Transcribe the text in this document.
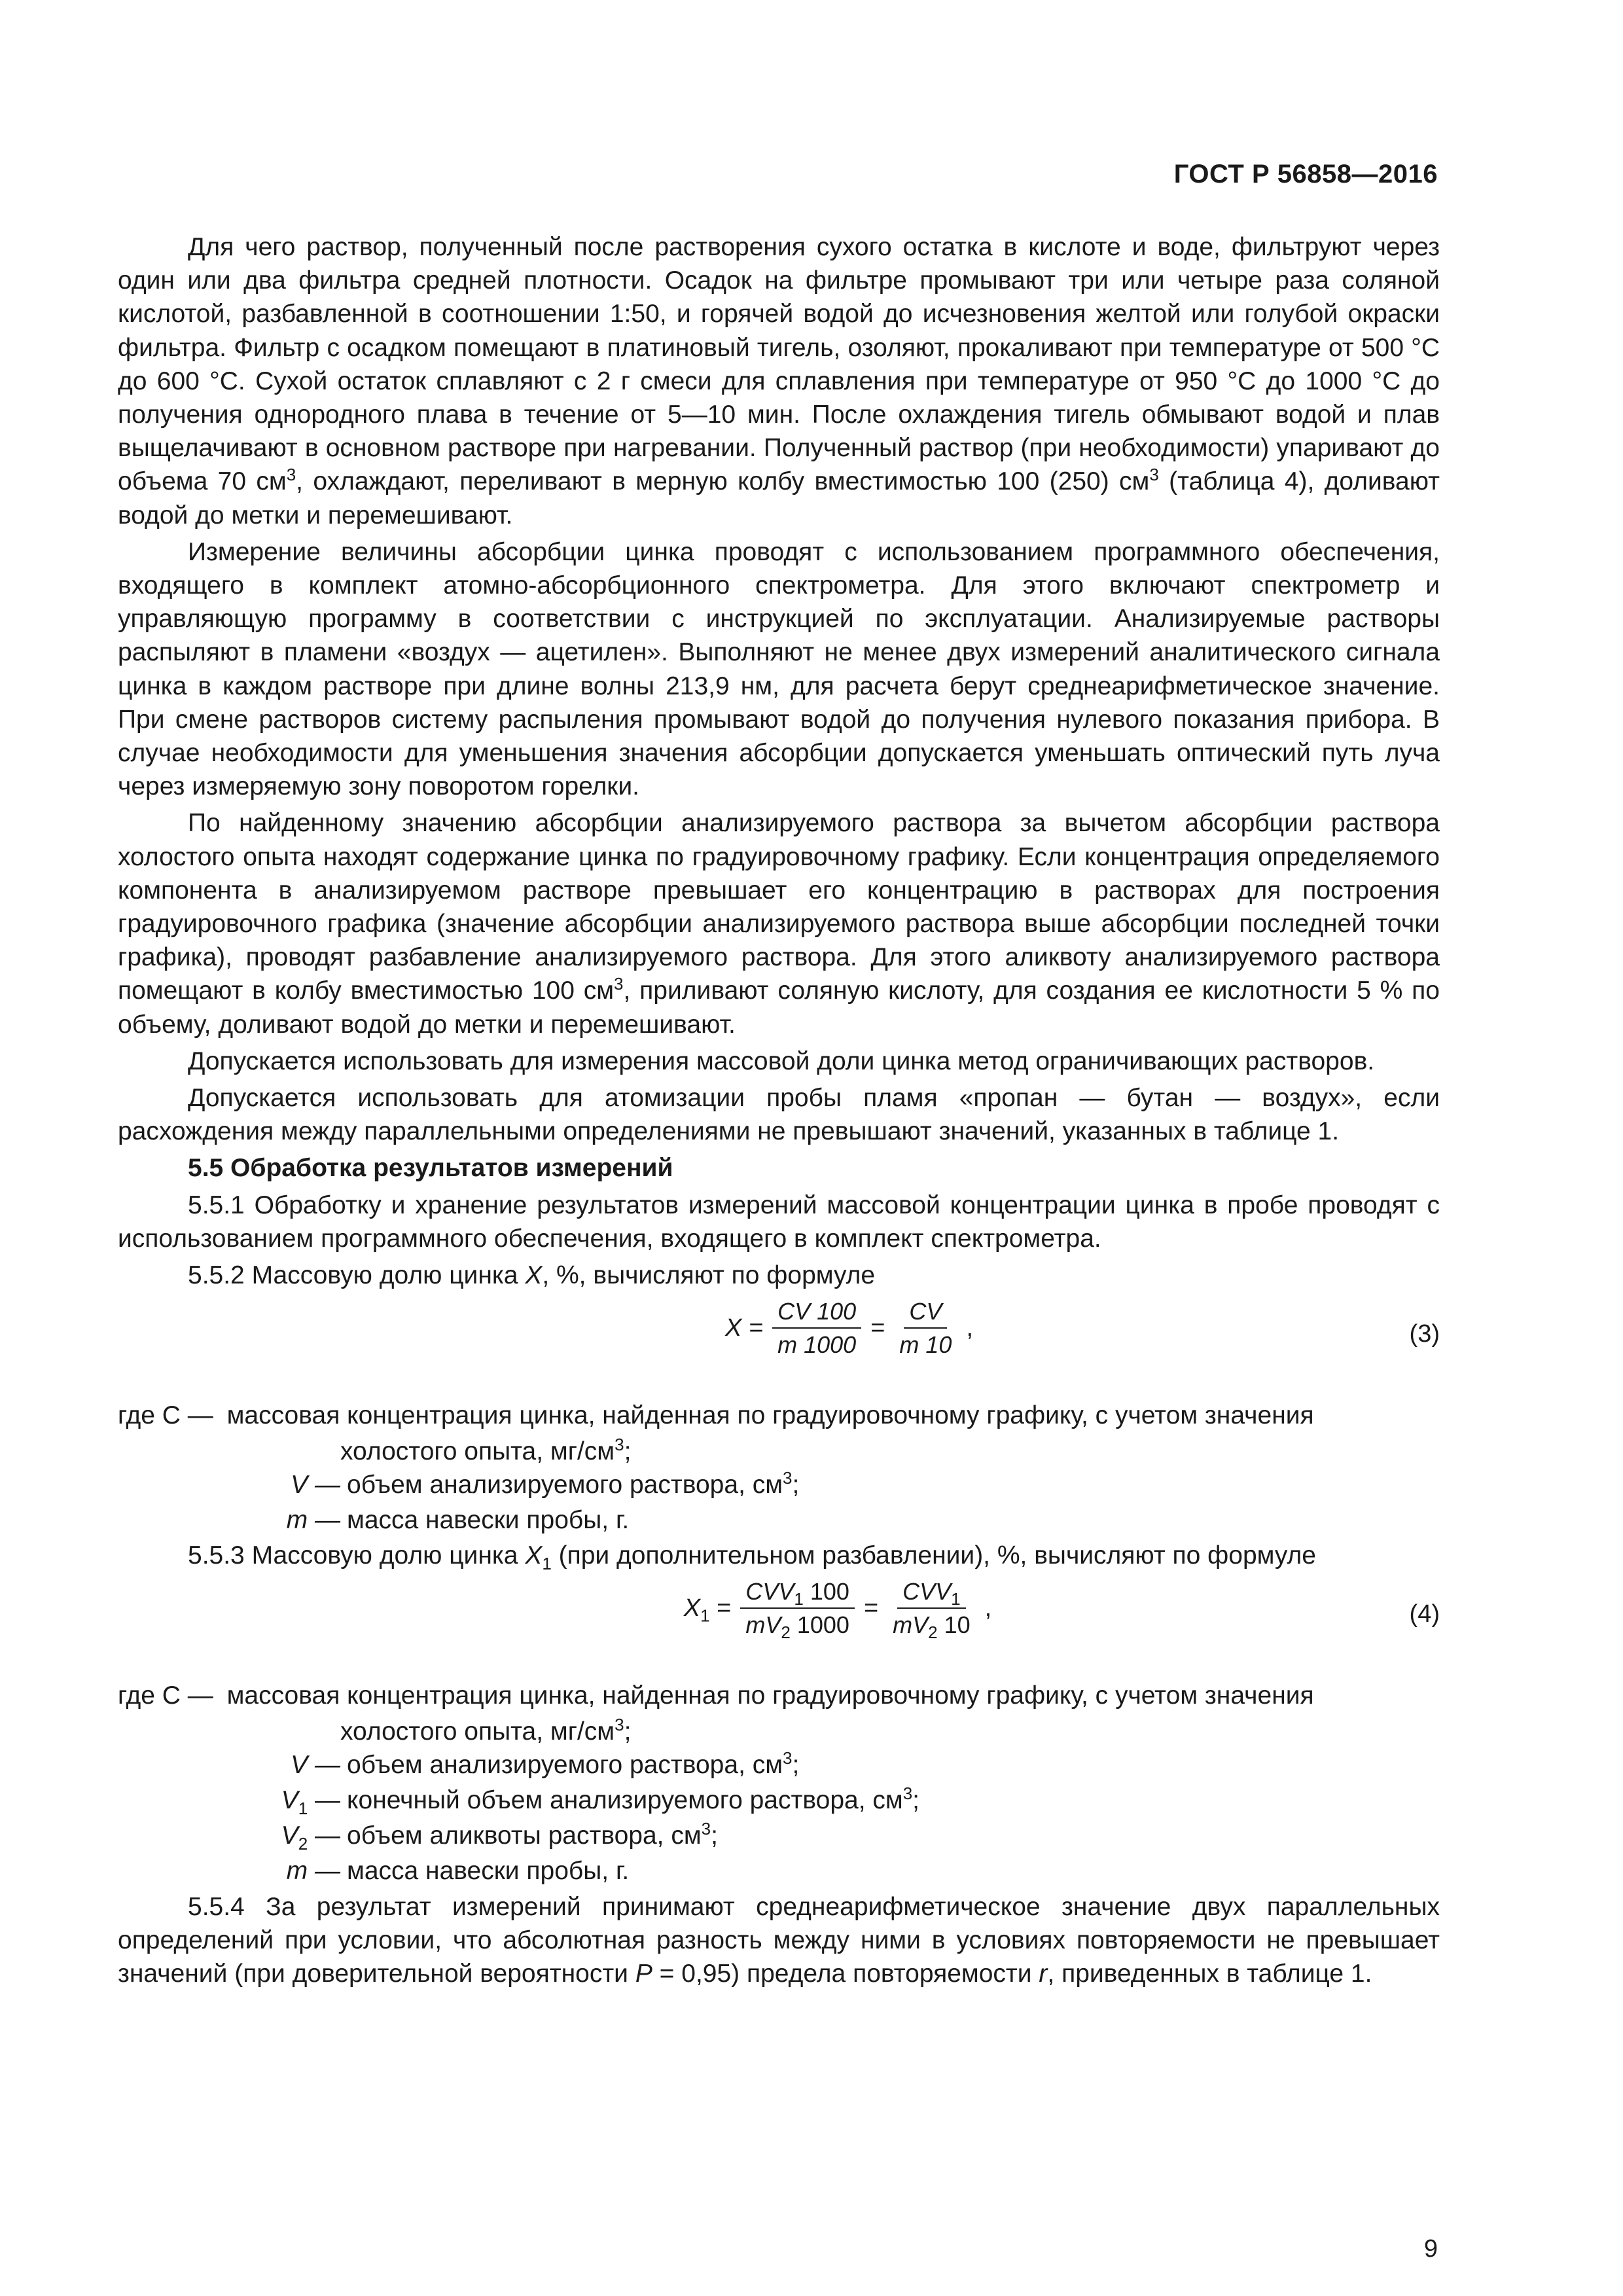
ГОСТ Р 56858—2016

Для чего раствор, полученный после растворения сухого остатка в кислоте и воде, фильтруют через один или два фильтра средней плотности. Осадок на фильтре промывают три или четыре раза соляной кислотой, разбавленной в соотношении 1:50, и горячей водой до исчезновения желтой или голубой окраски фильтра. Фильтр с осадком помещают в платиновый тигель, озоляют, прокаливают при температуре от 500 °С до 600 °С. Сухой остаток сплавляют с 2 г смеси для сплавления при температуре от 950 °С до 1000 °С до получения однородного плава в течение от 5—10 мин. После охлаждения тигель обмывают водой и плав выщелачивают в основном растворе при нагревании. Полученный раствор (при необходимости) упаривают до объема 70 $см^3$, охлаждают, переливают в мерную колбу вместимостью 100 (250) $см^3$ (таблица 4), доливают водой до метки и перемешивают.

Измерение величины абсорбции цинка проводят с использованием программного обеспечения, входящего в комплект атомно-абсорбционного спектрометра. Для этого включают спектрометр и управляющую программу в соответствии с инструкцией по эксплуатации. Анализируемые растворы распыляют в пламени «воздух — ацетилен». Выполняют не менее двух измерений аналитического сигнала цинка в каждом растворе при длине волны 213,9 нм, для расчета берут среднеарифметическое значение. При смене растворов систему распыления промывают водой до получения нулевого показания прибора. В случае необходимости для уменьшения значения абсорбции допускается уменьшать оптический путь луча через измеряемую зону поворотом горелки.

По найденному значению абсорбции анализируемого раствора за вычетом абсорбции раствора холостого опыта находят содержание цинка по градуировочному графику. Если концентрация определяемого компонента в анализируемом растворе превышает его концентрацию в растворах для построения градуировочного графика (значение абсорбции анализируемого раствора выше абсорбции последней точки графика), проводят разбавление анализируемого раствора. Для этого аликвоту анализируемого раствора помещают в колбу вместимостью 100 $см^3$, приливают соляную кислоту, для создания ее кислотности 5 % по объему, доливают водой до метки и перемешивают.

Допускается использовать для измерения массовой доли цинка метод ограничивающих растворов.

Допускается использовать для атомизации пробы пламя «пропан — бутан — воздух», если расхождения между параллельными определениями не превышают значений, указанных в таблице 1.

5.5 Обработка результатов измерений

5.5.1 Обработку и хранение результатов измерений массовой концентрации цинка в пробе проводят с использованием программного обеспечения, входящего в комплект спектрометра.

5.5.2 Массовую долю цинка X, %, вычисляют по формуле

$X = \frac{CV 100}{m 1000} = \frac{CV}{m 10}$ ,	(3)
где C — массовая концентрация цинка, найденная по градуировочному графику, с учетом значения
холостого опыта, $мг/см^3$;
V — объем анализируемого раствора, $см^3$;
m — масса навески пробы, г.

5.5.3 Массовую долю цинка $X_1$ (при дополнительном разбавлении), %, вычисляют по формуле

$X_1 = \frac{CVV_1 100}{mV_2 1000} = \frac{CVV_1}{mV_2 10}$ ,	(4)
где C — массовая концентрация цинка, найденная по градуировочному графику, с учетом значения
холостого опыта, $мг/см^3$;
V — объем анализируемого раствора, $см^3$;
$V_1$ — конечный объем анализируемого раствора, $см^3$;
$V_2$ — объем аликвоты раствора, $см^3$;
m — масса навески пробы, г.

5.5.4 За результат измерений принимают среднеарифметическое значение двух параллельных определений при условии, что абсолютная разность между ними в условиях повторяемости не превышает значений (при доверительной вероятности P = 0,95) предела повторяемости r, приведенных в таблице 1.

9
